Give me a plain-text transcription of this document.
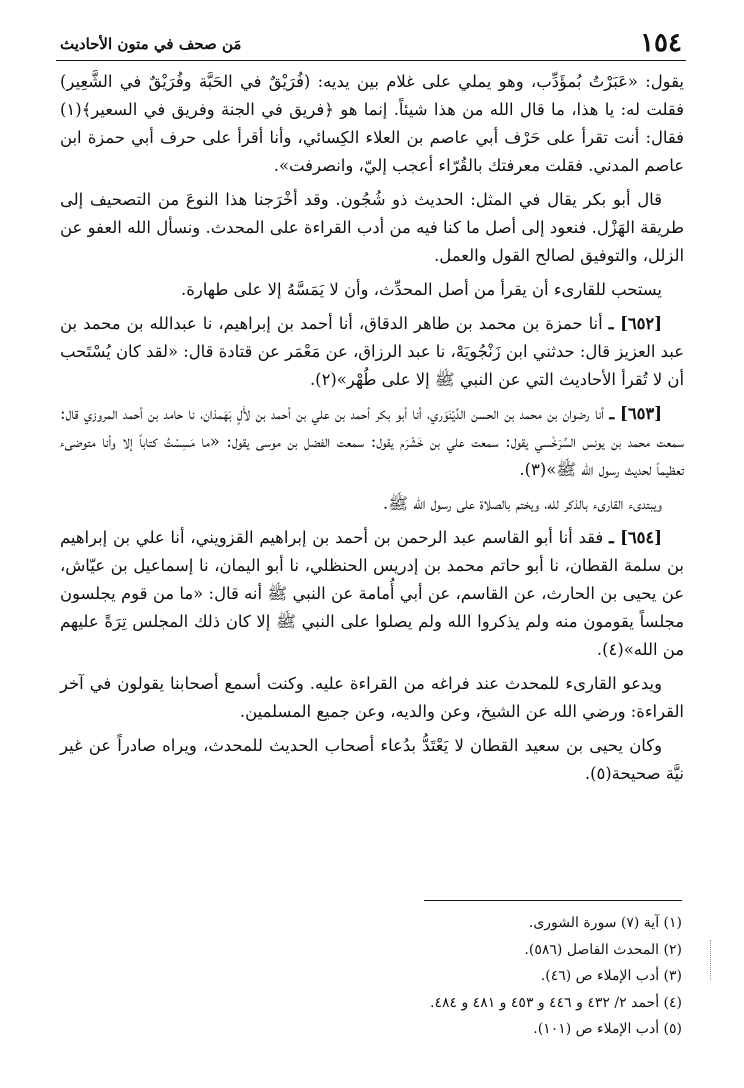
١٥٤
مَن صحف في متون الأحاديث

يقول: «عَبَرْتُ بُمؤَدِّب، وهو يملي على غلام بين يديه: (فُرَيْقٌ في الحَبَّة وفُرَيْقٌ في الشَّعِير) فقلت له: يا هذا، ما قال الله من هذا شيئاً. إنما هو ﴿فريق في الجنة وفريق في السعير﴾(١) فقال: أنت تقرأ على حَرْف أبي عاصم بن العلاء الكِسائي، وأنا أقرأ على حرف أبي حمزة ابن عاصم المدني. فقلت معرفتك بالقُرّاء أعجب إليّ، وانصرفت».

قال أبو بكر يقال في المثل: الحديث ذو شُجُون. وقد أخْرَجنا هذا النوعَ من التصحيف إلى طريقة الهَزْل. فنعود إلى أصل ما كنا فيه من أدب القراءة على المحدث. ونسأل الله العفو عن الزلل، والتوفيق لصالح القول والعمل.

يستحب للقارىء أن يقرأ من أصل المحدِّث، وأن لا يَمَسَّهُ إلا على طهارة.

[٦٥٢] ـ أنا حمزة بن محمد بن طاهر الدقاق، أنا أحمد بن إبراهيم، نا عبدالله بن محمد بن عبد العزيز قال: حدثني ابن زَنْجُويَهْ، نا عبد الرزاق، عن مَعْمَر عن قتادة قال: «لقد كان يُسْتَحب أن لا تُقرأ الأحاديث التي عن النبي ﷺ إلا على طُهْر»(٢).

[٦٥٣] ـ أنا رضوان بن محمد بن الحسن الدِّيْنَوَري، أنا أبو بكر أحمد بن علي بن أحمد بن لأَلٍ بَهَمذان، نا حامد بن أحمد المروزي قال: سمعت محمد بن يونس السِّرَخْسي يقول: سمعت علي بن خَشْرَم يقول: سمعت الفضل بن موسى يقول: «ما مَسِسْتُ كتاباً إلا وأنا متوضىء تعظيماً لحديث رسول الله ﷺ»(٣).

ويبتدىء القارىء بالذكر لله، ويختم بالصلاة على رسول الله ﷺ.

[٦٥٤] ـ فقد أنا أبو القاسم عبد الرحمن بن أحمد بن إبراهيم القزويني، أنا علي بن إبراهيم بن سلمة القطان، نا أبو حاتم محمد بن إدريس الحنظلي، نا أبو اليمان، نا إسماعيل بن عيّاش، عن يحيى بن الحارث، عن القاسم، عن أبي أُمامة عن النبي ﷺ أنه قال: «ما من قوم يجلسون مجلساً يقومون منه ولم يذكروا الله ولم يصلوا على النبي ﷺ إلا كان ذلك المجلس تِرَةً عليهم من الله»(٤).

ويدعو القارىء للمحدث عند فراغه من القراءة عليه. وكنت أسمع أصحابنا يقولون في آخر القراءة: ورضي الله عن الشيخ، وعن والديه، وعن جميع المسلمين.

وكان يحيى بن سعيد القطان لا يَعْتَدُّ بدُعاء أصحاب الحديث للمحدث، ويراه صادراً عن غير نيَّة صحيحة(٥).

(١) آية (٧) سورة الشورى.
(٢) المحدث الفاصل (٥٨٦).
(٣) أدب الإملاء ص (٤٦).
(٤) أحمد ٢/ ٤٣٢ و ٤٤٦ و ٤٥٣ و ٤٨١ و ٤٨٤.
(٥) أدب الإملاء ص (١٠١).
